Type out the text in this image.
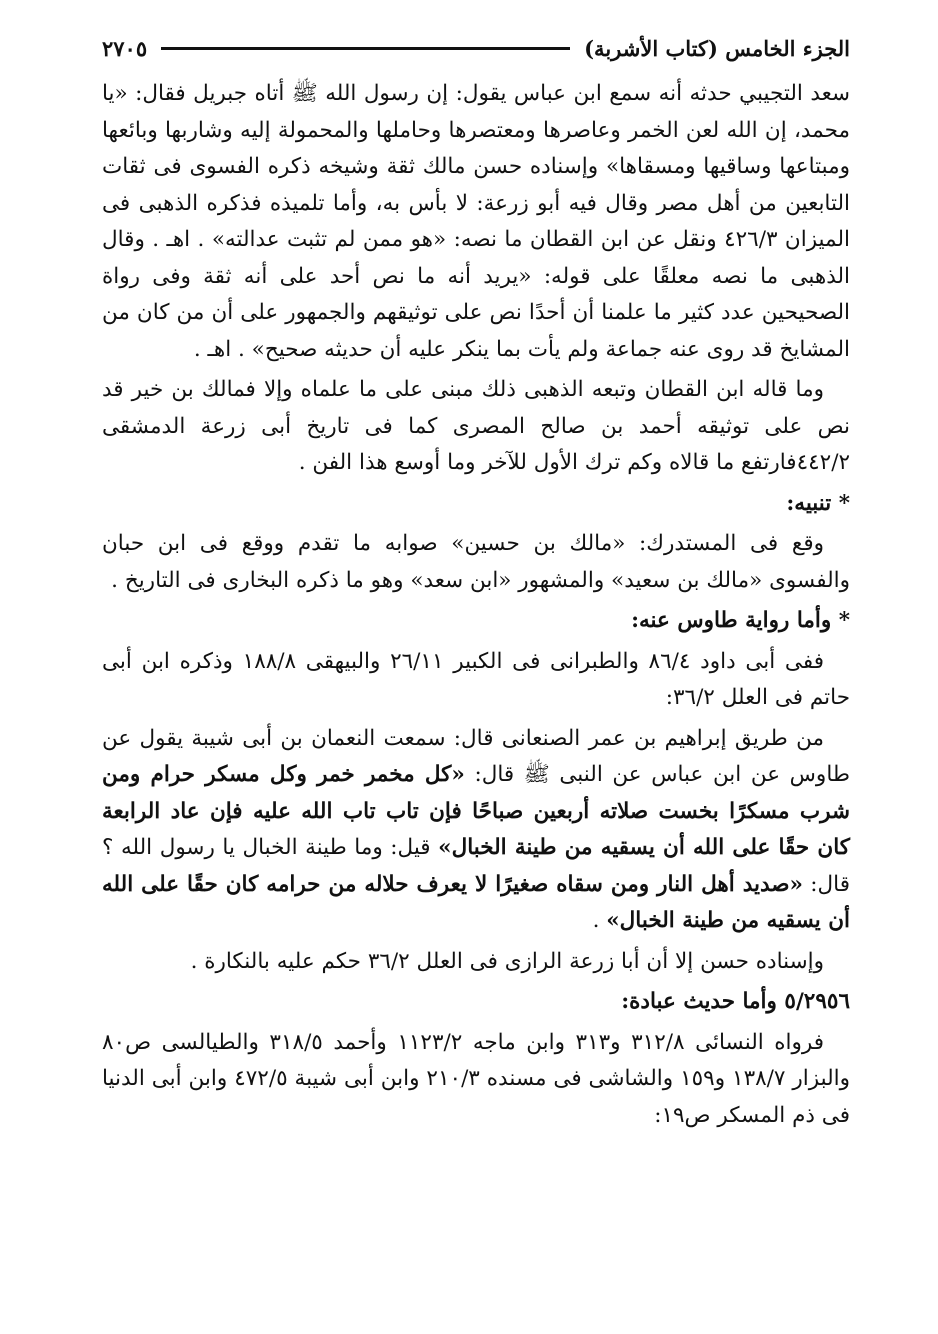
الجزء الخامس (كتاب الأشربة)
٢٧٠٥

سعد التجيبي حدثه أنه سمع ابن عباس يقول: إن رسول الله ﷺ أتاه جبريل فقال: «يا محمد، إن الله لعن الخمر وعاصرها ومعتصرها وحاملها والمحمولة إليه وشاربها وبائعها ومبتاعها وساقيها ومسقاها» وإسناده حسن مالك ثقة وشيخه ذكره الفسوى فى ثقات التابعين من أهل مصر وقال فيه أبو زرعة: لا بأس به، وأما تلميذه فذكره الذهبى فى الميزان ٤٢٦/٣ ونقل عن ابن القطان ما نصه: «هو ممن لم تثبت عدالته» . اهـ . وقال الذهبى ما نصه معلقًا على قوله: «يريد أنه ما نص أحد على أنه ثقة وفى رواة الصحيحين عدد كثير ما علمنا أن أحدًا نص على توثيقهم والجمهور على أن من كان من المشايخ قد روى عنه جماعة ولم يأت بما ينكر عليه أن حديثه صحيح» . اهـ .

وما قاله ابن القطان وتبعه الذهبى ذلك مبنى على ما علماه وإلا فمالك بن خير قد نص على توثيقه أحمد بن صالح المصرى كما فى تاريخ أبى زرعة الدمشقى ٤٤٢/٢فارتفع ما قالاه وكم ترك الأول للآخر وما أوسع هذا الفن .

* تنبيه:

وقع فى المستدرك: «مالك بن حسين» صوابه ما تقدم ووقع فى ابن حبان والفسوى «مالك بن سعيد» والمشهور «ابن سعد» وهو ما ذكره البخارى فى التاريخ .

* وأما رواية طاوس عنه:

ففى أبى داود ٨٦/٤ والطبرانى فى الكبير ٢٦/١١ والبيهقى ١٨٨/٨ وذكره ابن أبى حاتم فى العلل ٣٦/٢:

من طريق إبراهيم بن عمر الصنعانى قال: سمعت النعمان بن أبى شيبة يقول عن طاوس عن ابن عباس عن النبى ﷺ قال: «كل مخمر خمر وكل مسكر حرام ومن شرب مسكرًا بخست صلاته أربعين صباحًا فإن تاب تاب الله عليه فإن عاد الرابعة كان حقًا على الله أن يسقيه من طينة الخبال» قيل: وما طينة الخبال يا رسول الله ؟ قال: «صديد أهل النار ومن سقاه صغيرًا لا يعرف حلاله من حرامه كان حقًا على الله أن يسقيه من طينة الخبال» .

وإسناده حسن إلا أن أبا زرعة الرازى فى العلل ٣٦/٢ حكم عليه بالنكارة .

٥/٢٩٥٦ وأما حديث عبادة:

فرواه النسائى ٣١٢/٨ و٣١٣ وابن ماجه ١١٢٣/٢ وأحمد ٣١٨/٥ والطيالسى ص٨٠ والبزار ١٣٨/٧ و١٥٩ والشاشى فى مسنده ٢١٠/٣ وابن أبى شيبة ٤٧٢/٥ وابن أبى الدنيا فى ذم المسكر ص١٩:
